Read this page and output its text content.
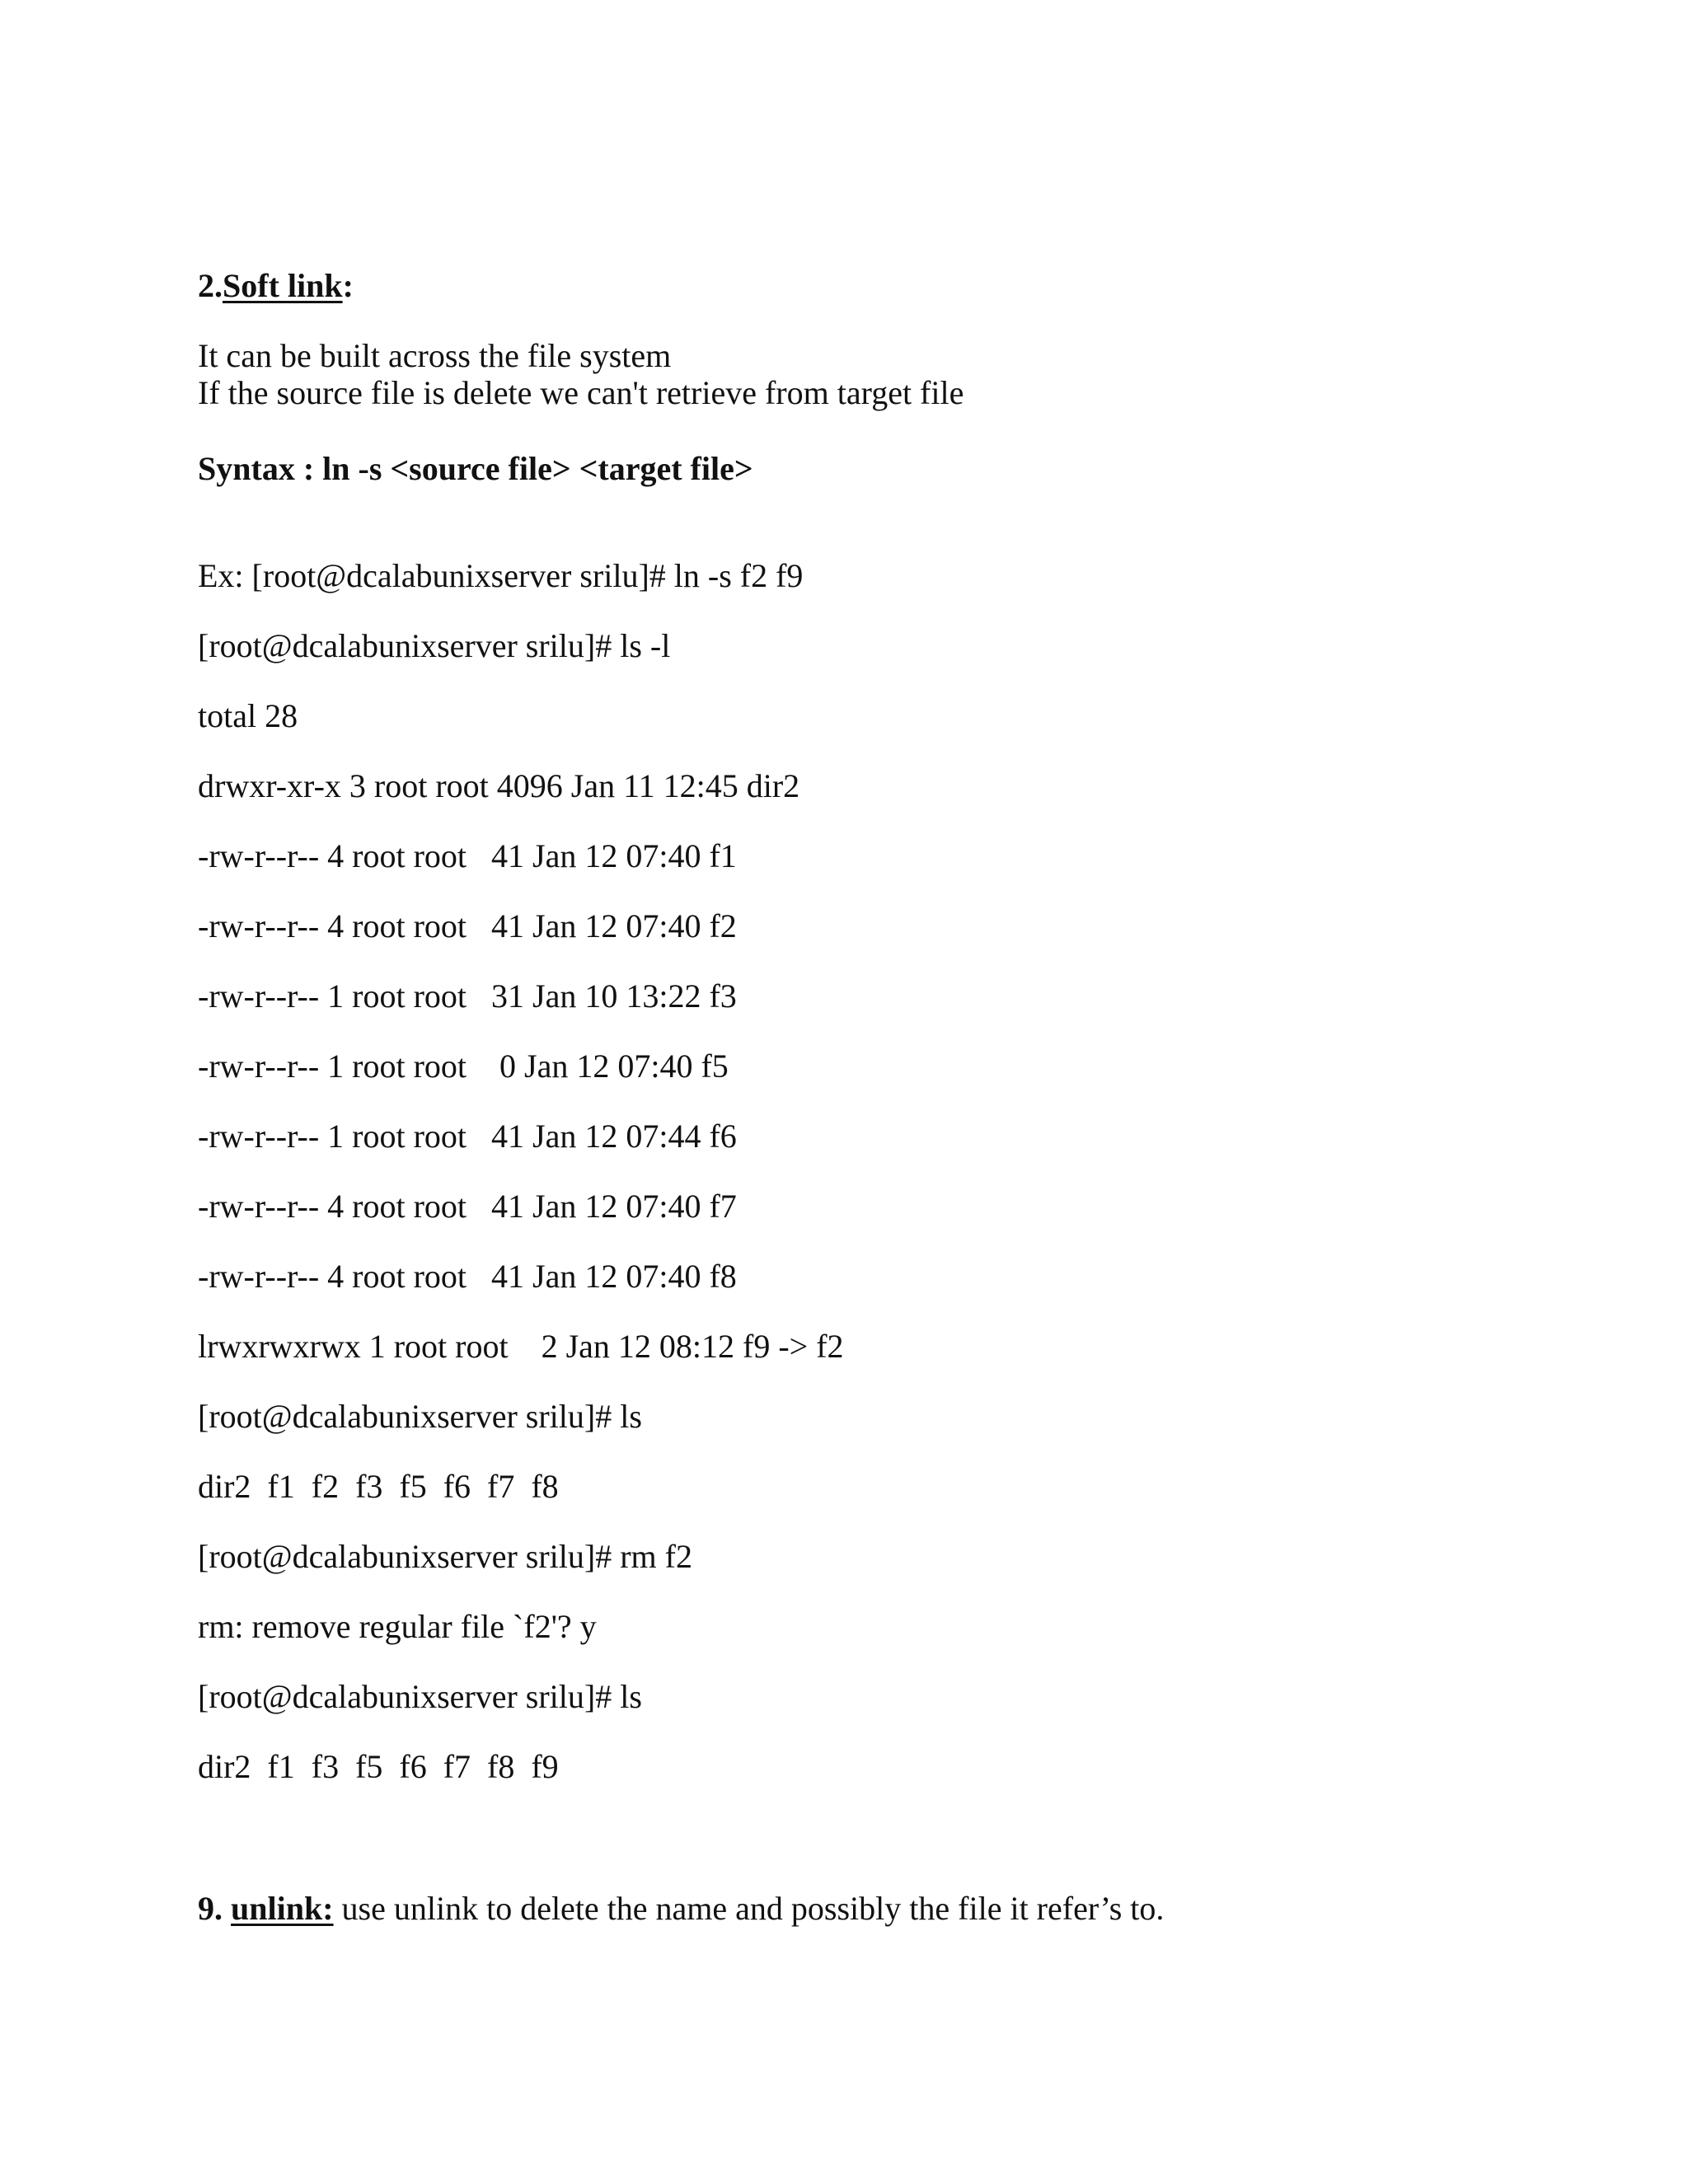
2.Soft link:
It can be built across the file system
If the source file is delete we can't retrieve from target file
Syntax : ln -s <source file> <target file>
Ex: [root@dcalabunixserver srilu]# ln -s f2 f9
[root@dcalabunixserver srilu]# ls -l
total 28
drwxr-xr-x 3 root root 4096 Jan 11 12:45 dir2
-rw-r--r-- 4 root root   41 Jan 12 07:40 f1
-rw-r--r-- 4 root root   41 Jan 12 07:40 f2
-rw-r--r-- 1 root root   31 Jan 10 13:22 f3
-rw-r--r-- 1 root root    0 Jan 12 07:40 f5
-rw-r--r-- 1 root root   41 Jan 12 07:44 f6
-rw-r--r-- 4 root root   41 Jan 12 07:40 f7
-rw-r--r-- 4 root root   41 Jan 12 07:40 f8
lrwxrwxrwx 1 root root    2 Jan 12 08:12 f9 -> f2
[root@dcalabunixserver srilu]# ls
dir2  f1  f2  f3  f5  f6  f7  f8
[root@dcalabunixserver srilu]# rm f2
rm: remove regular file `f2'? y
[root@dcalabunixserver srilu]# ls
dir2  f1  f3  f5  f6  f7  f8  f9
9. unlink: use unlink to delete the name and possibly the file it refer’s to.
